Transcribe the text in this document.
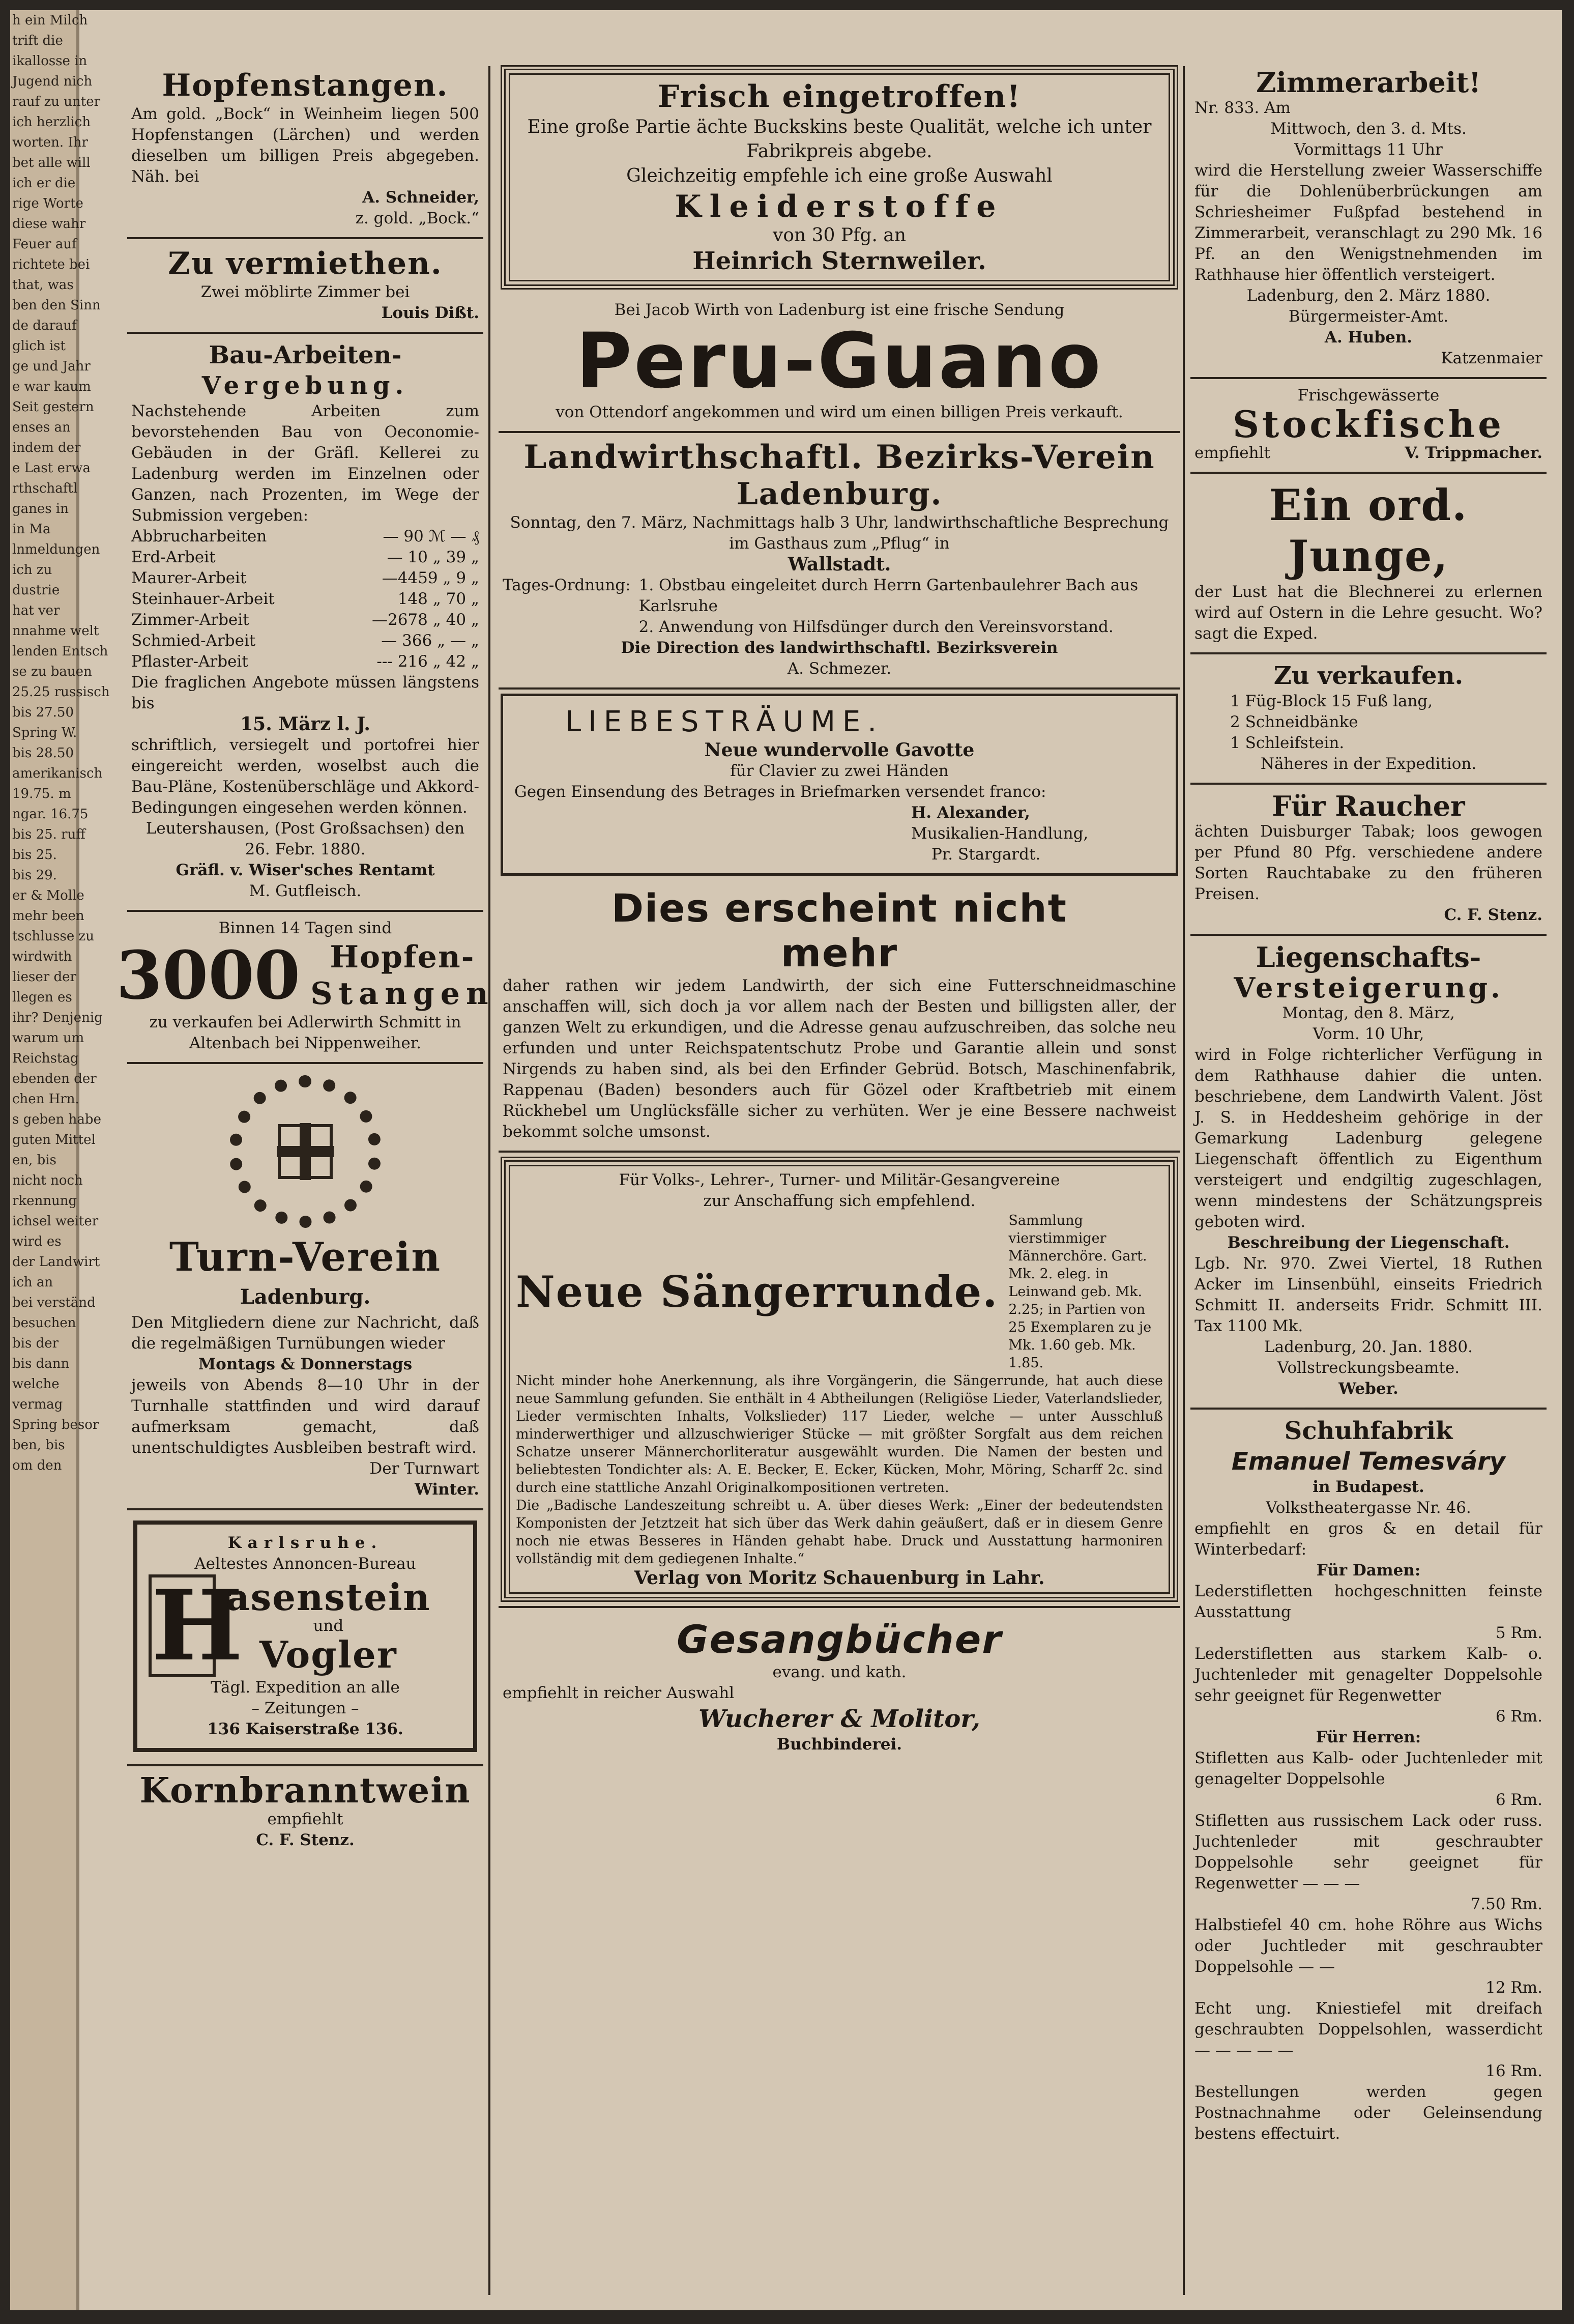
h ein Milch
trift die
ikallosse in
Jugend nich
rauf zu unter
ich herzlich
worten. Ihr
bet alle will
ich er die
rige Worte
diese wahr
Feuer auf
richtete bei
that, was
ben den Sinn
de darauf
glich ist
ge und Jahr
e war kaum
Seit gestern
enses an
indem der
e Last erwa
rthschaftl
ganes in
in Ma
lnmeldungen
ich zu
dustrie
hat ver
nnahme welt
lenden Entsch
se zu bauen
25.25 russisch
bis 27.50
Spring W.
bis 28.50
amerikanisch
19.75. m
ngar. 16.75
bis 25. ruff
bis 25.
bis 29.
er & Molle
mehr been
tschlusse zu
wirdwith
lieser der
llegen es
ihr? Denjenig
warum um
Reichstag
ebenden der
chen Hrn.
s geben habe
guten Mittel
en, bis
nicht noch
rkennung
ichsel weiter
wird es
der Landwirt
ich an
bei verständ
besuchen
bis der
bis dann
welche
vermag
Spring besor
ben, bis
om den
Hopfenstangen.
Am gold. „Bock“ in Weinheim liegen 500 Hopfenstangen (Lärchen) und werden dieselben um billigen Preis abgegeben. Näh. bei
A. Schneider,
z. gold. „Bock.“
Zu vermiethen.
Zwei möblirte Zimmer bei
Louis Dißt.
Bau-Arbeiten-
Vergebung.
Nachstehende Arbeiten zum bevorstehenden Bau von Oeconomie-Gebäuden in der Gräfl. Kellerei zu Ladenburg werden im Einzelnen oder Ganzen, nach Prozenten, im Wege der Submission vergeben:
Abbrucharbeiten	— 90 ℳ — ₰
Erd-Arbeit	— 10 „ 39 „
Maurer-Arbeit	—4459 „ 9 „
Steinhauer-Arbeit	148 „ 70 „
Zimmer-Arbeit	—2678 „ 40 „
Schmied-Arbeit	— 366 „ — „
Pflaster-Arbeit	--- 216 „ 42 „
Die fraglichen Angebote müssen längstens bis
15. März l. J.
schriftlich, versiegelt und portofrei hier eingereicht werden, woselbst auch die Bau-Pläne, Kostenüberschläge und Akkord-Bedingungen eingesehen werden können.
Leutershausen, (Post Großsachsen) den 26. Febr. 1880.
Gräfl. v. Wiser'sches Rentamt
M. Gutfleisch.
Binnen 14 Tagen sind
3000 Hopfen-
Stangen
zu verkaufen bei Adlerwirth Schmitt in Altenbach bei Nippenweiher.
Turn-Verein
Ladenburg.
Den Mitgliedern diene zur Nachricht, daß die regelmäßigen Turnübungen wieder
Montags & Donnerstags
jeweils von Abends 8—10 Uhr in der Turnhalle stattfinden und wird darauf aufmerksam gemacht, daß unentschuldigtes Ausbleiben bestraft wird.
Der Turnwart
Winter.
Karlsruhe.
Aeltestes Annoncen-Bureau
H
asenstein
und
Vogler
Tägl. Expedition an alle
– Zeitungen –
136 Kaiserstraße 136.
Kornbranntwein
empfiehlt
C. F. Stenz.
Frisch eingetroffen!
Eine große Partie ächte Buckskins beste Qualität, welche ich unter Fabrikpreis abgebe.
Gleichzeitig empfehle ich eine große Auswahl
Kleiderstoffe
von 30 Pfg. an
Heinrich Sternweiler.
Bei Jacob Wirth von Ladenburg ist eine frische Sendung
Peru-Guano
von Ottendorf angekommen und wird um einen billigen Preis verkauft.
Landwirthschaftl. Bezirks-Verein
Ladenburg.
Sonntag, den 7. März, Nachmittags halb 3 Uhr, landwirthschaftliche Besprechung im Gasthaus zum „Pflug“ in
Wallstadt.
Tages-Ordnung: 1. Obstbau eingeleitet durch Herrn Gartenbaulehrer Bach aus Karlsruhe
2. Anwendung von Hilfsdünger durch den Vereinsvorstand.
Die Direction des landwirthschaftl. Bezirksverein
A. Schmezer.
LIEBESTRÄUME.
Neue wundervolle Gavotte
für Clavier zu zwei Händen
Gegen Einsendung des Betrages in Briefmarken versendet franco:
H. Alexander,
Musikalien-Handlung,
Pr. Stargardt.
Dies erscheint nicht mehr
daher rathen wir jedem Landwirth, der sich eine Futterschneidmaschine anschaffen will, sich doch ja vor allem nach der Besten und billigsten aller, der ganzen Welt zu erkundigen, und die Adresse genau aufzuschreiben, das solche neu erfunden und unter Reichspatentschutz Probe und Garantie allein und sonst Nirgends zu haben sind, als bei den Erfinder Gebrüd. Botsch, Maschinenfabrik, Rappenau (Baden) besonders auch für Gözel oder Kraftbetrieb mit einem Rückhebel um Unglücksfälle sicher zu verhüten. Wer je eine Bessere nachweist bekommt solche umsonst.
Für Volks-, Lehrer-, Turner- und Militär-Gesangvereine
zur Anschaffung sich empfehlend.
Neue Sängerrunde.
Sammlung vierstimmiger Männerchöre. Gart. Mk. 2. eleg. in Leinwand geb. Mk. 2.25; in Partien von 25 Exemplaren zu je Mk. 1.60 geb. Mk. 1.85.
Nicht minder hohe Anerkennung, als ihre Vorgängerin, die Sängerrunde, hat auch diese neue Sammlung gefunden. Sie enthält in 4 Abtheilungen (Religiöse Lieder, Vaterlandslieder, Lieder vermischten Inhalts, Volkslieder) 117 Lieder, welche — unter Ausschluß minderwerthiger und allzuschwieriger Stücke — mit größter Sorgfalt aus dem reichen Schatze unserer Männerchorliteratur ausgewählt wurden. Die Namen der besten und beliebtesten Tondichter als: A. E. Becker, E. Ecker, Kücken, Mohr, Möring, Scharff 2c. sind durch eine stattliche Anzahl Originalkompositionen vertreten.
Die „Badische Landeszeitung schreibt u. A. über dieses Werk: „Einer der bedeutendsten Komponisten der Jetztzeit hat sich über das Werk dahin geäußert, daß er in diesem Genre noch nie etwas Besseres in Händen gehabt habe. Druck und Ausstattung harmoniren vollständig mit dem gediegenen Inhalte.“
Verlag von Moritz Schauenburg in Lahr.
Gesangbücher
evang. und kath.
empfiehlt in reicher Auswahl
Wucherer & Molitor,
Buchbinderei.
Zimmerarbeit!
Nr. 833. Am
Mittwoch, den 3. d. Mts.
Vormittags 11 Uhr
wird die Herstellung zweier Wasserschiffe für die Dohlenüberbrückungen am Schriesheimer Fußpfad bestehend in Zimmerarbeit, veranschlagt zu 290 Mk. 16 Pf. an den Wenigstnehmenden im Rathhause hier öffentlich versteigert.
Ladenburg, den 2. März 1880.
Bürgermeister-Amt.
A. Huben.
Katzenmaier
Frischgewässerte
Stockfische
empfiehlt	V. Trippmacher.
Ein ord. Junge,
der Lust hat die Blechnerei zu erlernen wird auf Ostern in die Lehre gesucht. Wo? sagt die Exped.
Zu verkaufen.
1 Füg-Block 15 Fuß lang,
2 Schneidbänke
1 Schleifstein.
Näheres in der Expedition.
Für Raucher
ächten Duisburger Tabak; loos gewogen per Pfund 80 Pfg. verschiedene andere Sorten Rauchtabake zu den früheren Preisen.
C. F. Stenz.
Liegenschafts-
Versteigerung.
Montag, den 8. März,
Vorm. 10 Uhr,
wird in Folge richterlicher Verfügung in dem Rathhause dahier die unten. beschriebene, dem Landwirth Valent. Jöst J. S. in Heddesheim gehörige in der Gemarkung Ladenburg gelegene Liegenschaft öffentlich zu Eigenthum versteigert und endgiltig zugeschlagen, wenn mindestens der Schätzungspreis geboten wird.
Beschreibung der Liegenschaft.
Lgb. Nr. 970. Zwei Viertel, 18 Ruthen Acker im Linsenbühl, einseits Friedrich Schmitt II. anderseits Fridr. Schmitt III. Tax 1100 Mk.
Ladenburg, 20. Jan. 1880.
Vollstreckungsbeamte.
Weber.
Schuhfabrik
Emanuel Temesváry
in Budapest.
Volkstheatergasse Nr. 46.
empfiehlt en gros & en detail für Winterbedarf:
Für Damen:
Lederstifletten hochgeschnitten feinste Ausstattung
5 Rm.
Lederstifletten aus starkem Kalb- o. Juchtenleder mit genagelter Doppelsohle sehr geeignet für Regenwetter
6 Rm.
Für Herren:
Stifletten aus Kalb- oder Juchtenleder mit genagelter Doppelsohle
6 Rm.
Stifletten aus russischem Lack oder russ. Juchtenleder mit geschraubter Doppelsohle sehr geeignet für Regenwetter — — —
7.50 Rm.
Halbstiefel 40 cm. hohe Röhre aus Wichs oder Juchtleder mit geschraubter Doppelsohle — —
12 Rm.
Echt ung. Kniestiefel mit dreifach geschraubten Doppelsohlen, wasserdicht — — — — —
16 Rm.
Bestellungen werden gegen Postnachnahme oder Geleinsendung bestens effectuirt.
